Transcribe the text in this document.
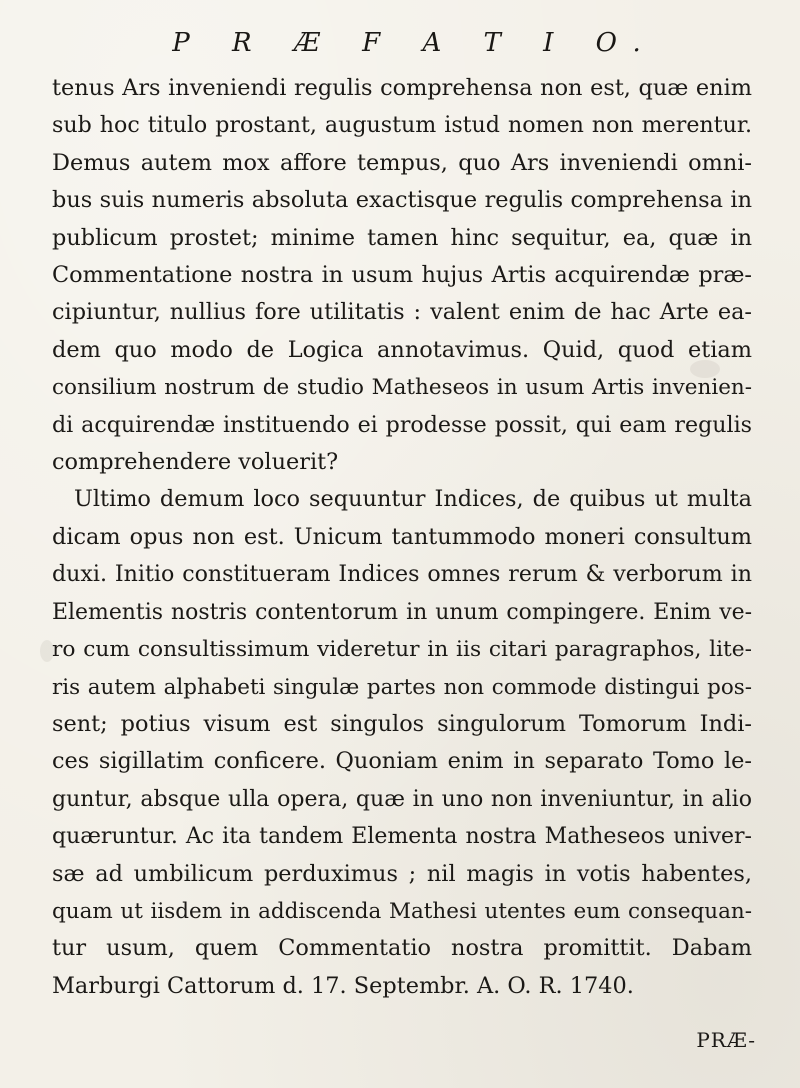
P R Æ F A T I O.
tenus Ars inveniendi regulis comprehensa non est, quæ enim
sub hoc titulo prostant, augustum istud nomen non merentur.
Demus autem mox affore tempus, quo Ars inveniendi omni-
bus suis numeris absoluta exactisque regulis comprehensa in
publicum prostet; minime tamen hinc sequitur, ea, quæ in
Commentatione nostra in usum hujus Artis acquirendæ præ-
cipiuntur, nullius fore utilitatis : valent enim de hac Arte ea-
dem quo modo de Logica annotavimus. Quid, quod etiam
consilium nostrum de studio Matheseos in usum Artis invenien-
di acquirendæ instituendo ei prodesse possit, qui eam regulis
comprehendere voluerit?
Ultimo demum loco sequuntur Indices, de quibus ut multa
dicam opus non est. Unicum tantummodo moneri consultum
duxi. Initio constitueram Indices omnes rerum & verborum in
Elementis nostris contentorum in unum compingere. Enim ve-
ro cum consultissimum videretur in iis citari paragraphos, lite-
ris autem alphabeti singulæ partes non commode distingui pos-
sent; potius visum est singulos singulorum Tomorum Indi-
ces sigillatim conficere. Quoniam enim in separato Tomo le-
guntur, absque ulla opera, quæ in uno non inveniuntur, in alio
quæruntur. Ac ita tandem Elementa nostra Matheseos univer-
sæ ad umbilicum perduximus ; nil magis in votis habentes,
quam ut iisdem in addiscenda Mathesi utentes eum consequan-
tur usum, quem Commentatio nostra promittit. Dabam
Marburgi Cattorum d. 17. Septembr. A. O. R. 1740.
PRÆ-
